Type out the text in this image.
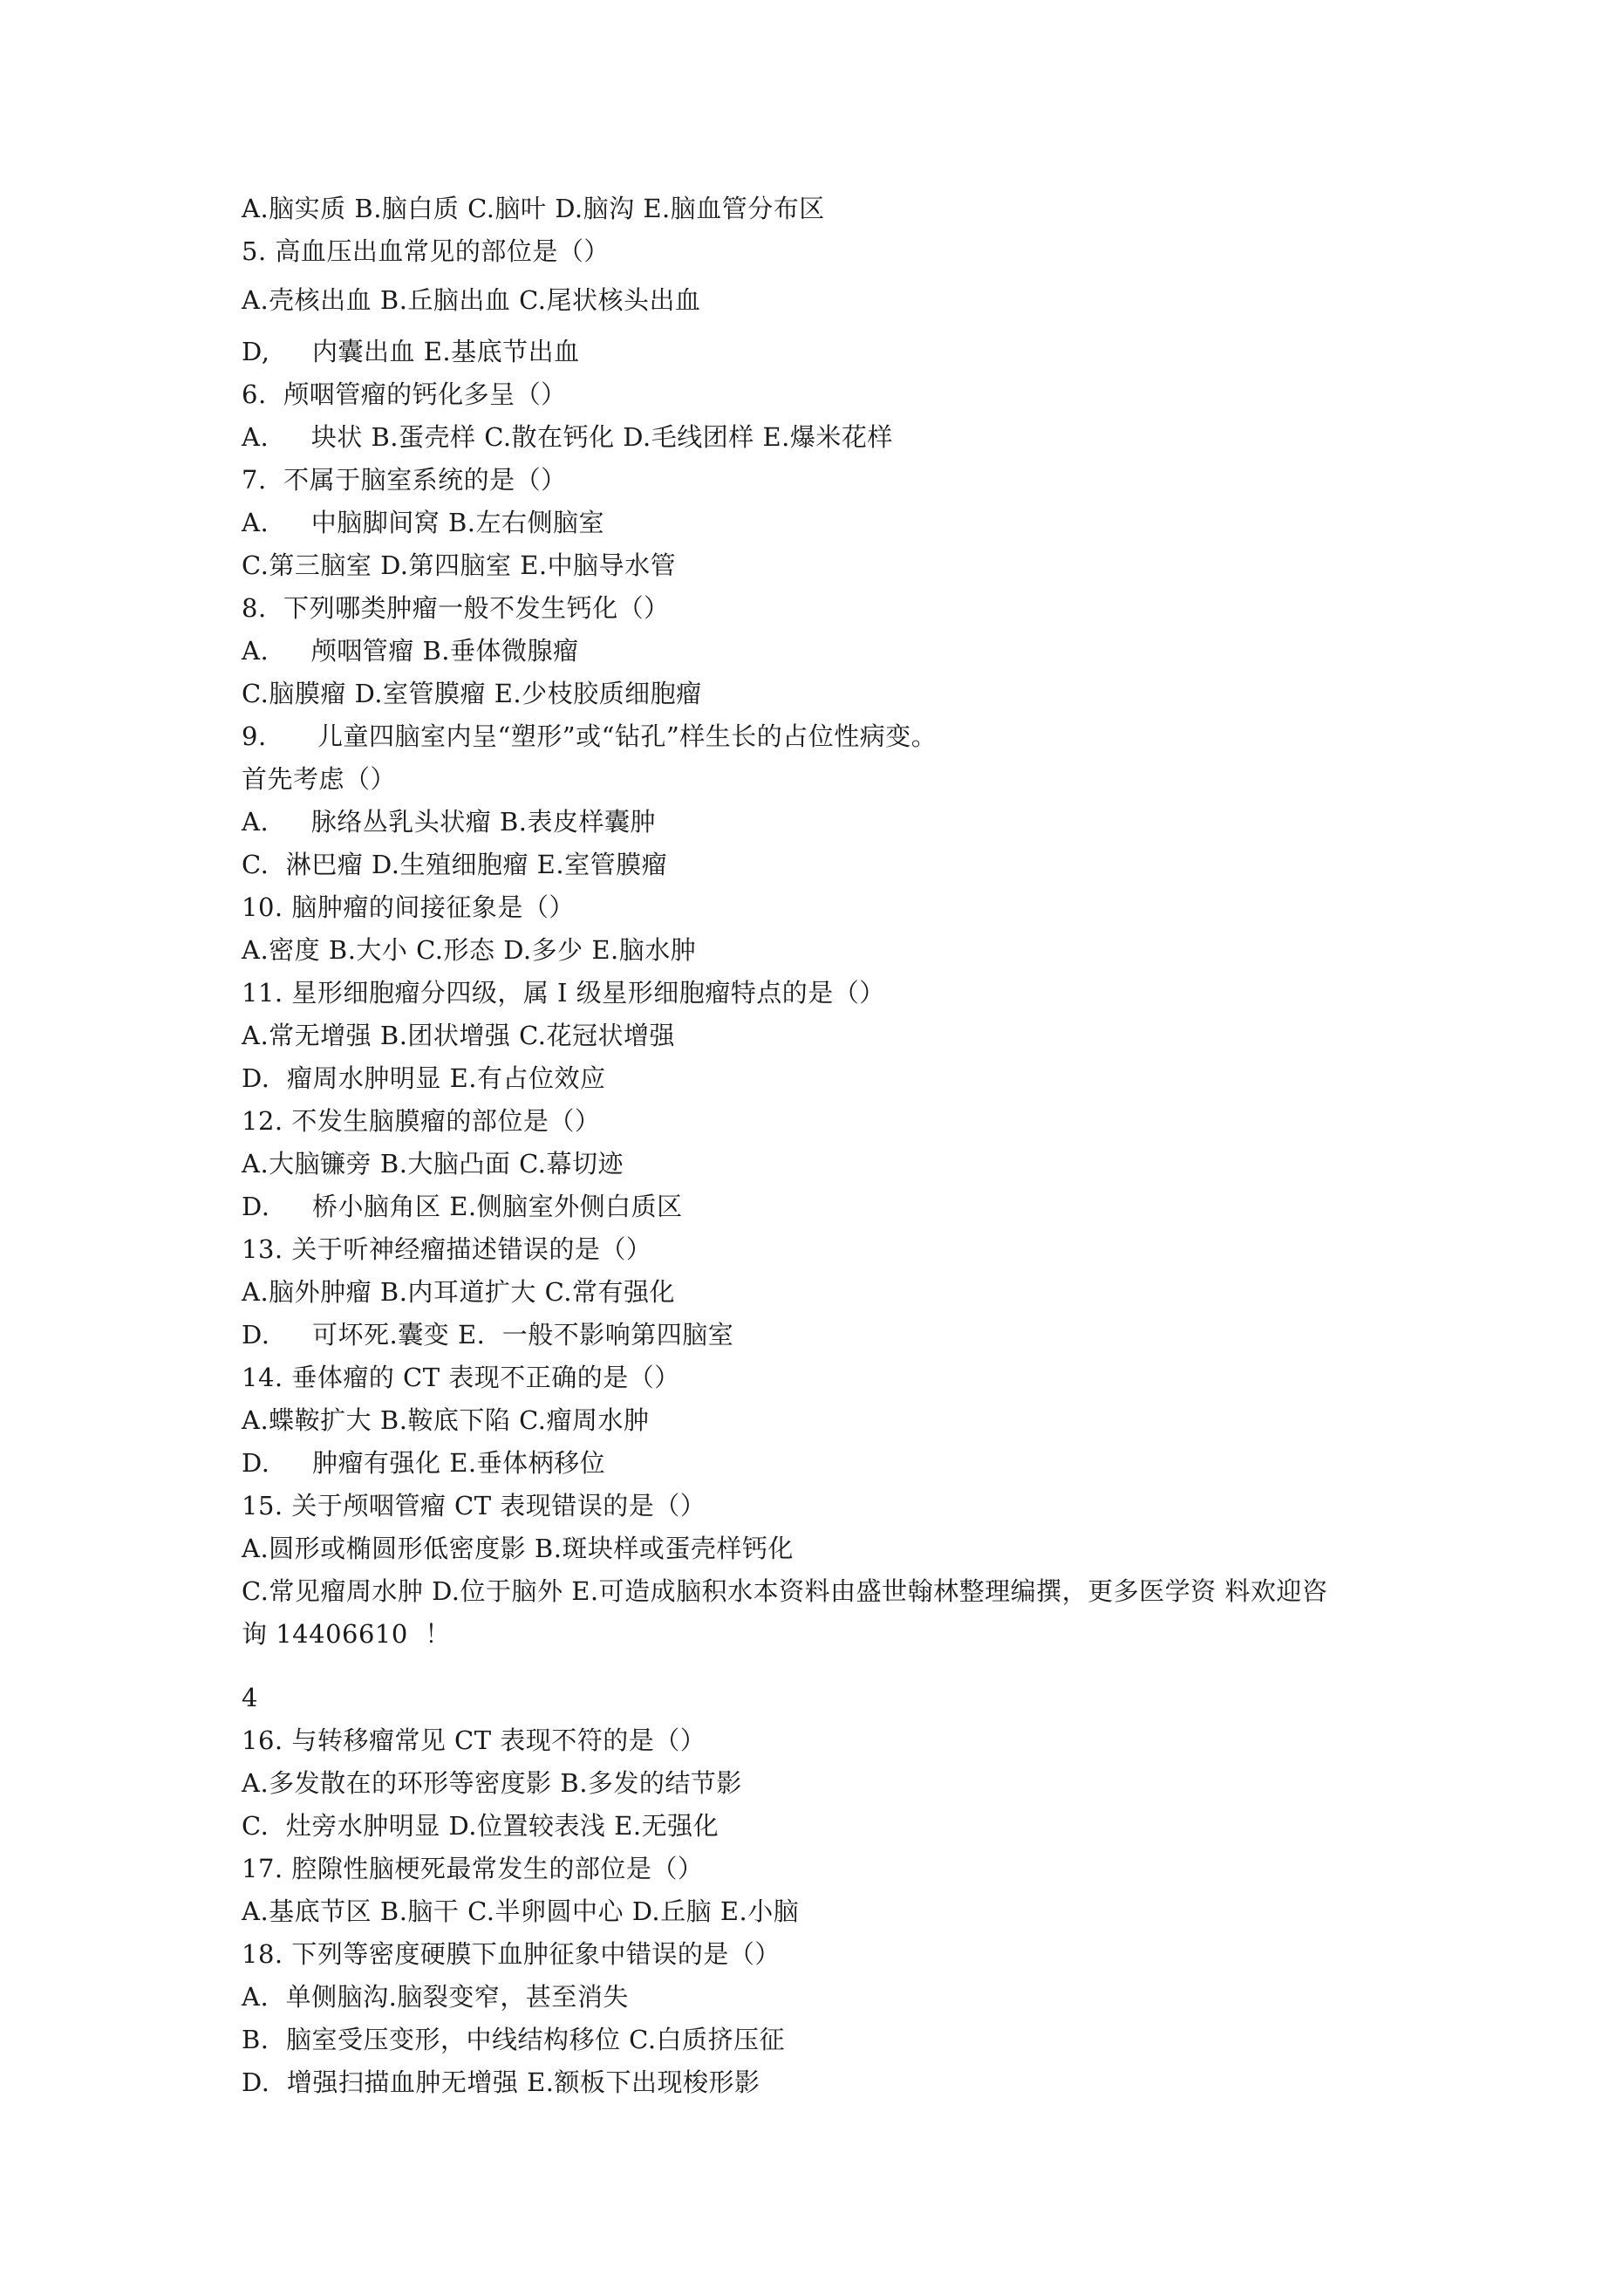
A.脑实质 B.脑白质 C.脑叶 D.脑沟 E.脑血管分布区
5. 高血压出血常见的部位是（）
A.壳核出血 B.丘脑出血 C.尾状核头出血
D,     内囊出血 E.基底节出血
6.  颅咽管瘤的钙化多呈（）
A.     块状 B.蛋壳样 C.散在钙化 D.毛线团样 E.爆米花样
7.  不属于脑室系统的是（）
A.     中脑脚间窝 B.左右侧脑室
C.第三脑室 D.第四脑室 E.中脑导水管
8.  下列哪类肿瘤一般不发生钙化（）
A.     颅咽管瘤 B.垂体微腺瘤
C.脑膜瘤 D.室管膜瘤 E.少枝胶质细胞瘤
9.      儿童四脑室内呈“塑形”或“钻孔”样生长的占位性病变。
首先考虑（）
A.     脉络丛乳头状瘤 B.表皮样囊肿
C.  淋巴瘤 D.生殖细胞瘤 E.室管膜瘤
10. 脑肿瘤的间接征象是（）
A.密度 B.大小 C.形态 D.多少 E.脑水肿
11. 星形细胞瘤分四级，属 I 级星形细胞瘤特点的是（）
A.常无增强 B.团状增强 C.花冠状增强
D.  瘤周水肿明显 E.有占位效应
12. 不发生脑膜瘤的部位是（）
A.大脑镰旁 B.大脑凸面 C.幕切迹
D.     桥小脑角区 E.侧脑室外侧白质区
13. 关于听神经瘤描述错误的是（）
A.脑外肿瘤 B.内耳道扩大 C.常有强化
D.     可坏死.囊变 E.  一般不影响第四脑室
14. 垂体瘤的 CT 表现不正确的是（）
A.蝶鞍扩大 B.鞍底下陷 C.瘤周水肿
D.     肿瘤有强化 E.垂体柄移位
15. 关于颅咽管瘤 CT 表现错误的是（）
A.圆形或椭圆形低密度影 B.斑块样或蛋壳样钙化
C.常见瘤周水肿 D.位于脑外 E.可造成脑积水本资料由盛世翰林整理编撰，更多医学资 料欢迎咨
询 14406610  ！
4
16. 与转移瘤常见 CT 表现不符的是（）
A.多发散在的环形等密度影 B.多发的结节影
C.  灶旁水肿明显 D.位置较表浅 E.无强化
17. 腔隙性脑梗死最常发生的部位是（）
A.基底节区 B.脑干 C.半卵圆中心 D.丘脑 E.小脑
18. 下列等密度硬膜下血肿征象中错误的是（）
A.  单侧脑沟.脑裂变窄，甚至消失
B.  脑室受压变形，中线结构移位 C.白质挤压征
D.  增强扫描血肿无增强 E.额板下出现梭形影
